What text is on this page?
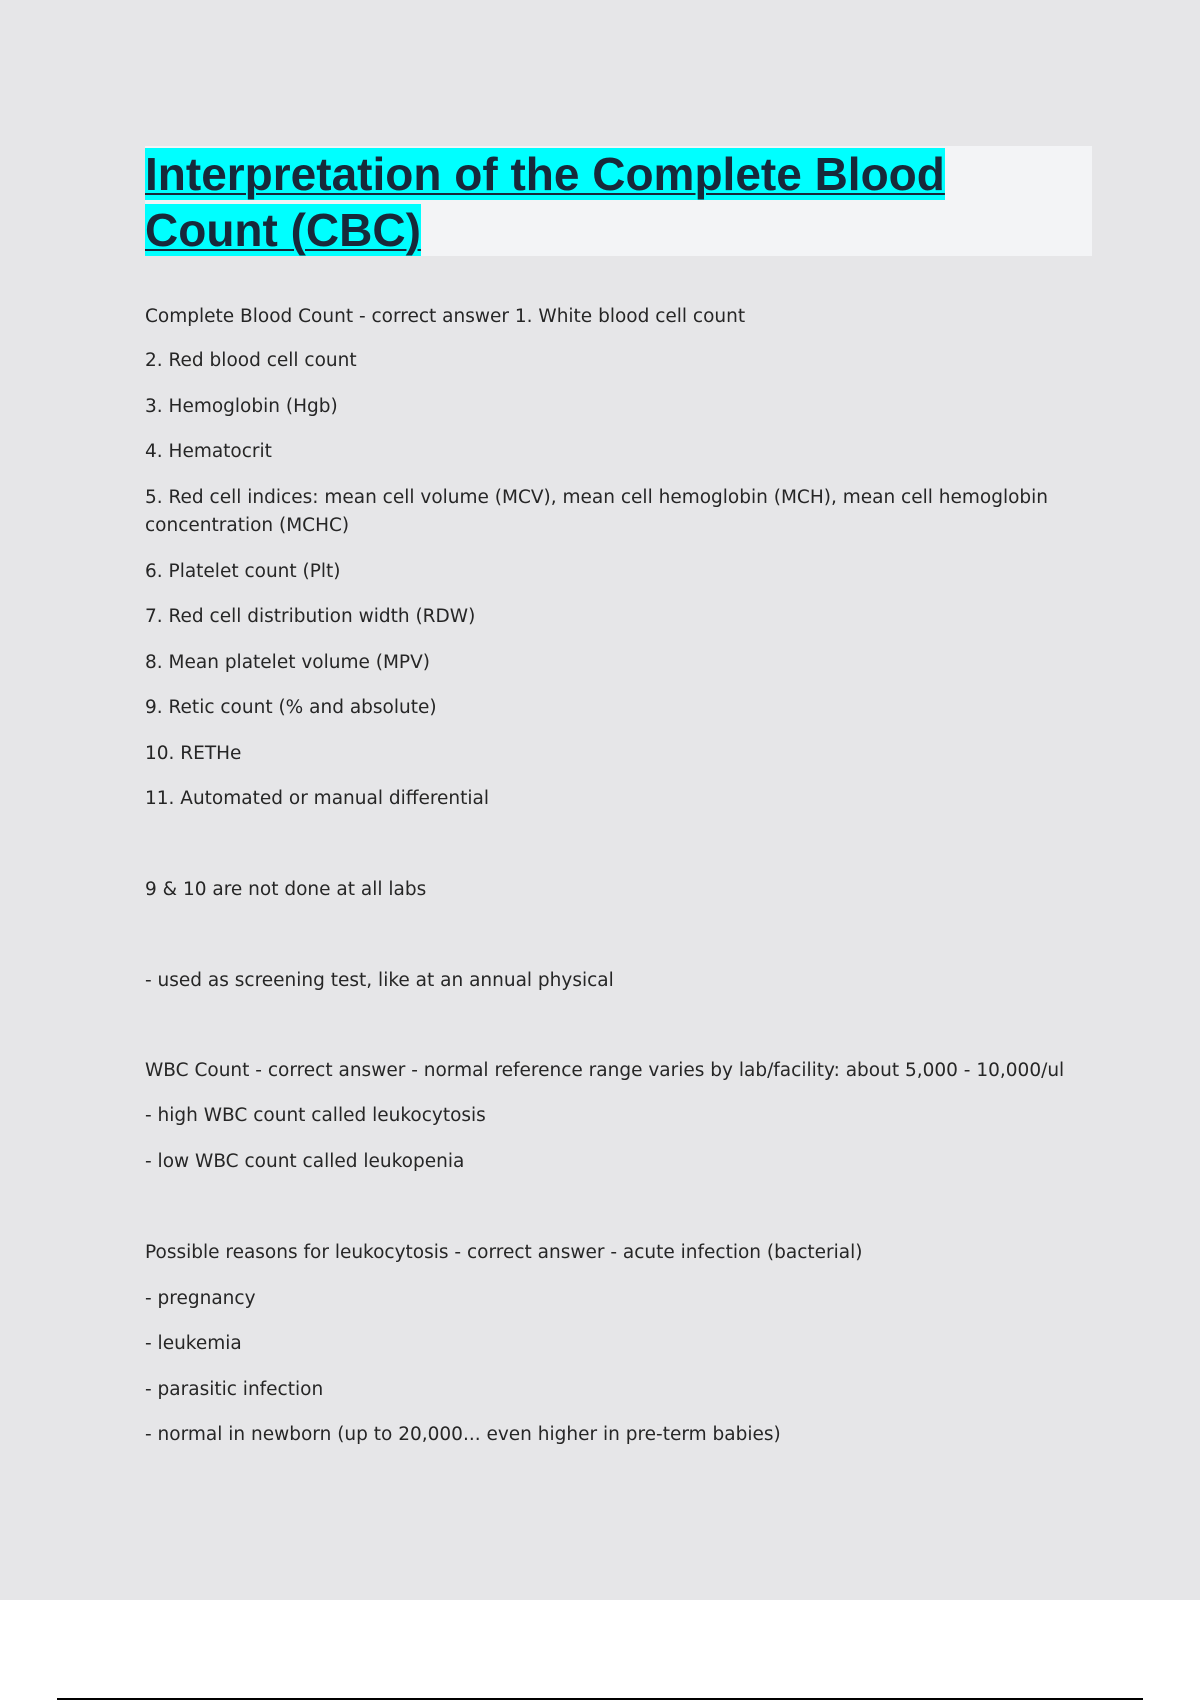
Interpretation of the Complete Blood
Count (CBC)
Complete Blood Count - correct answer 1. White blood cell count
2. Red blood cell count
3. Hemoglobin (Hgb)
4. Hematocrit
5. Red cell indices: mean cell volume (MCV), mean cell hemoglobin (MCH), mean cell hemoglobin concentration (MCHC)
6. Platelet count (Plt)
7. Red cell distribution width (RDW)
8. Mean platelet volume (MPV)
9. Retic count (% and absolute)
10. RETHe
11. Automated or manual differential
9 & 10 are not done at all labs
- used as screening test, like at an annual physical
WBC Count - correct answer - normal reference range varies by lab/facility: about 5,000 - 10,000/ul
- high WBC count called leukocytosis
- low WBC count called leukopenia
Possible reasons for leukocytosis - correct answer - acute infection (bacterial)
- pregnancy
- leukemia
- parasitic infection
- normal in newborn (up to 20,000... even higher in pre-term babies)
